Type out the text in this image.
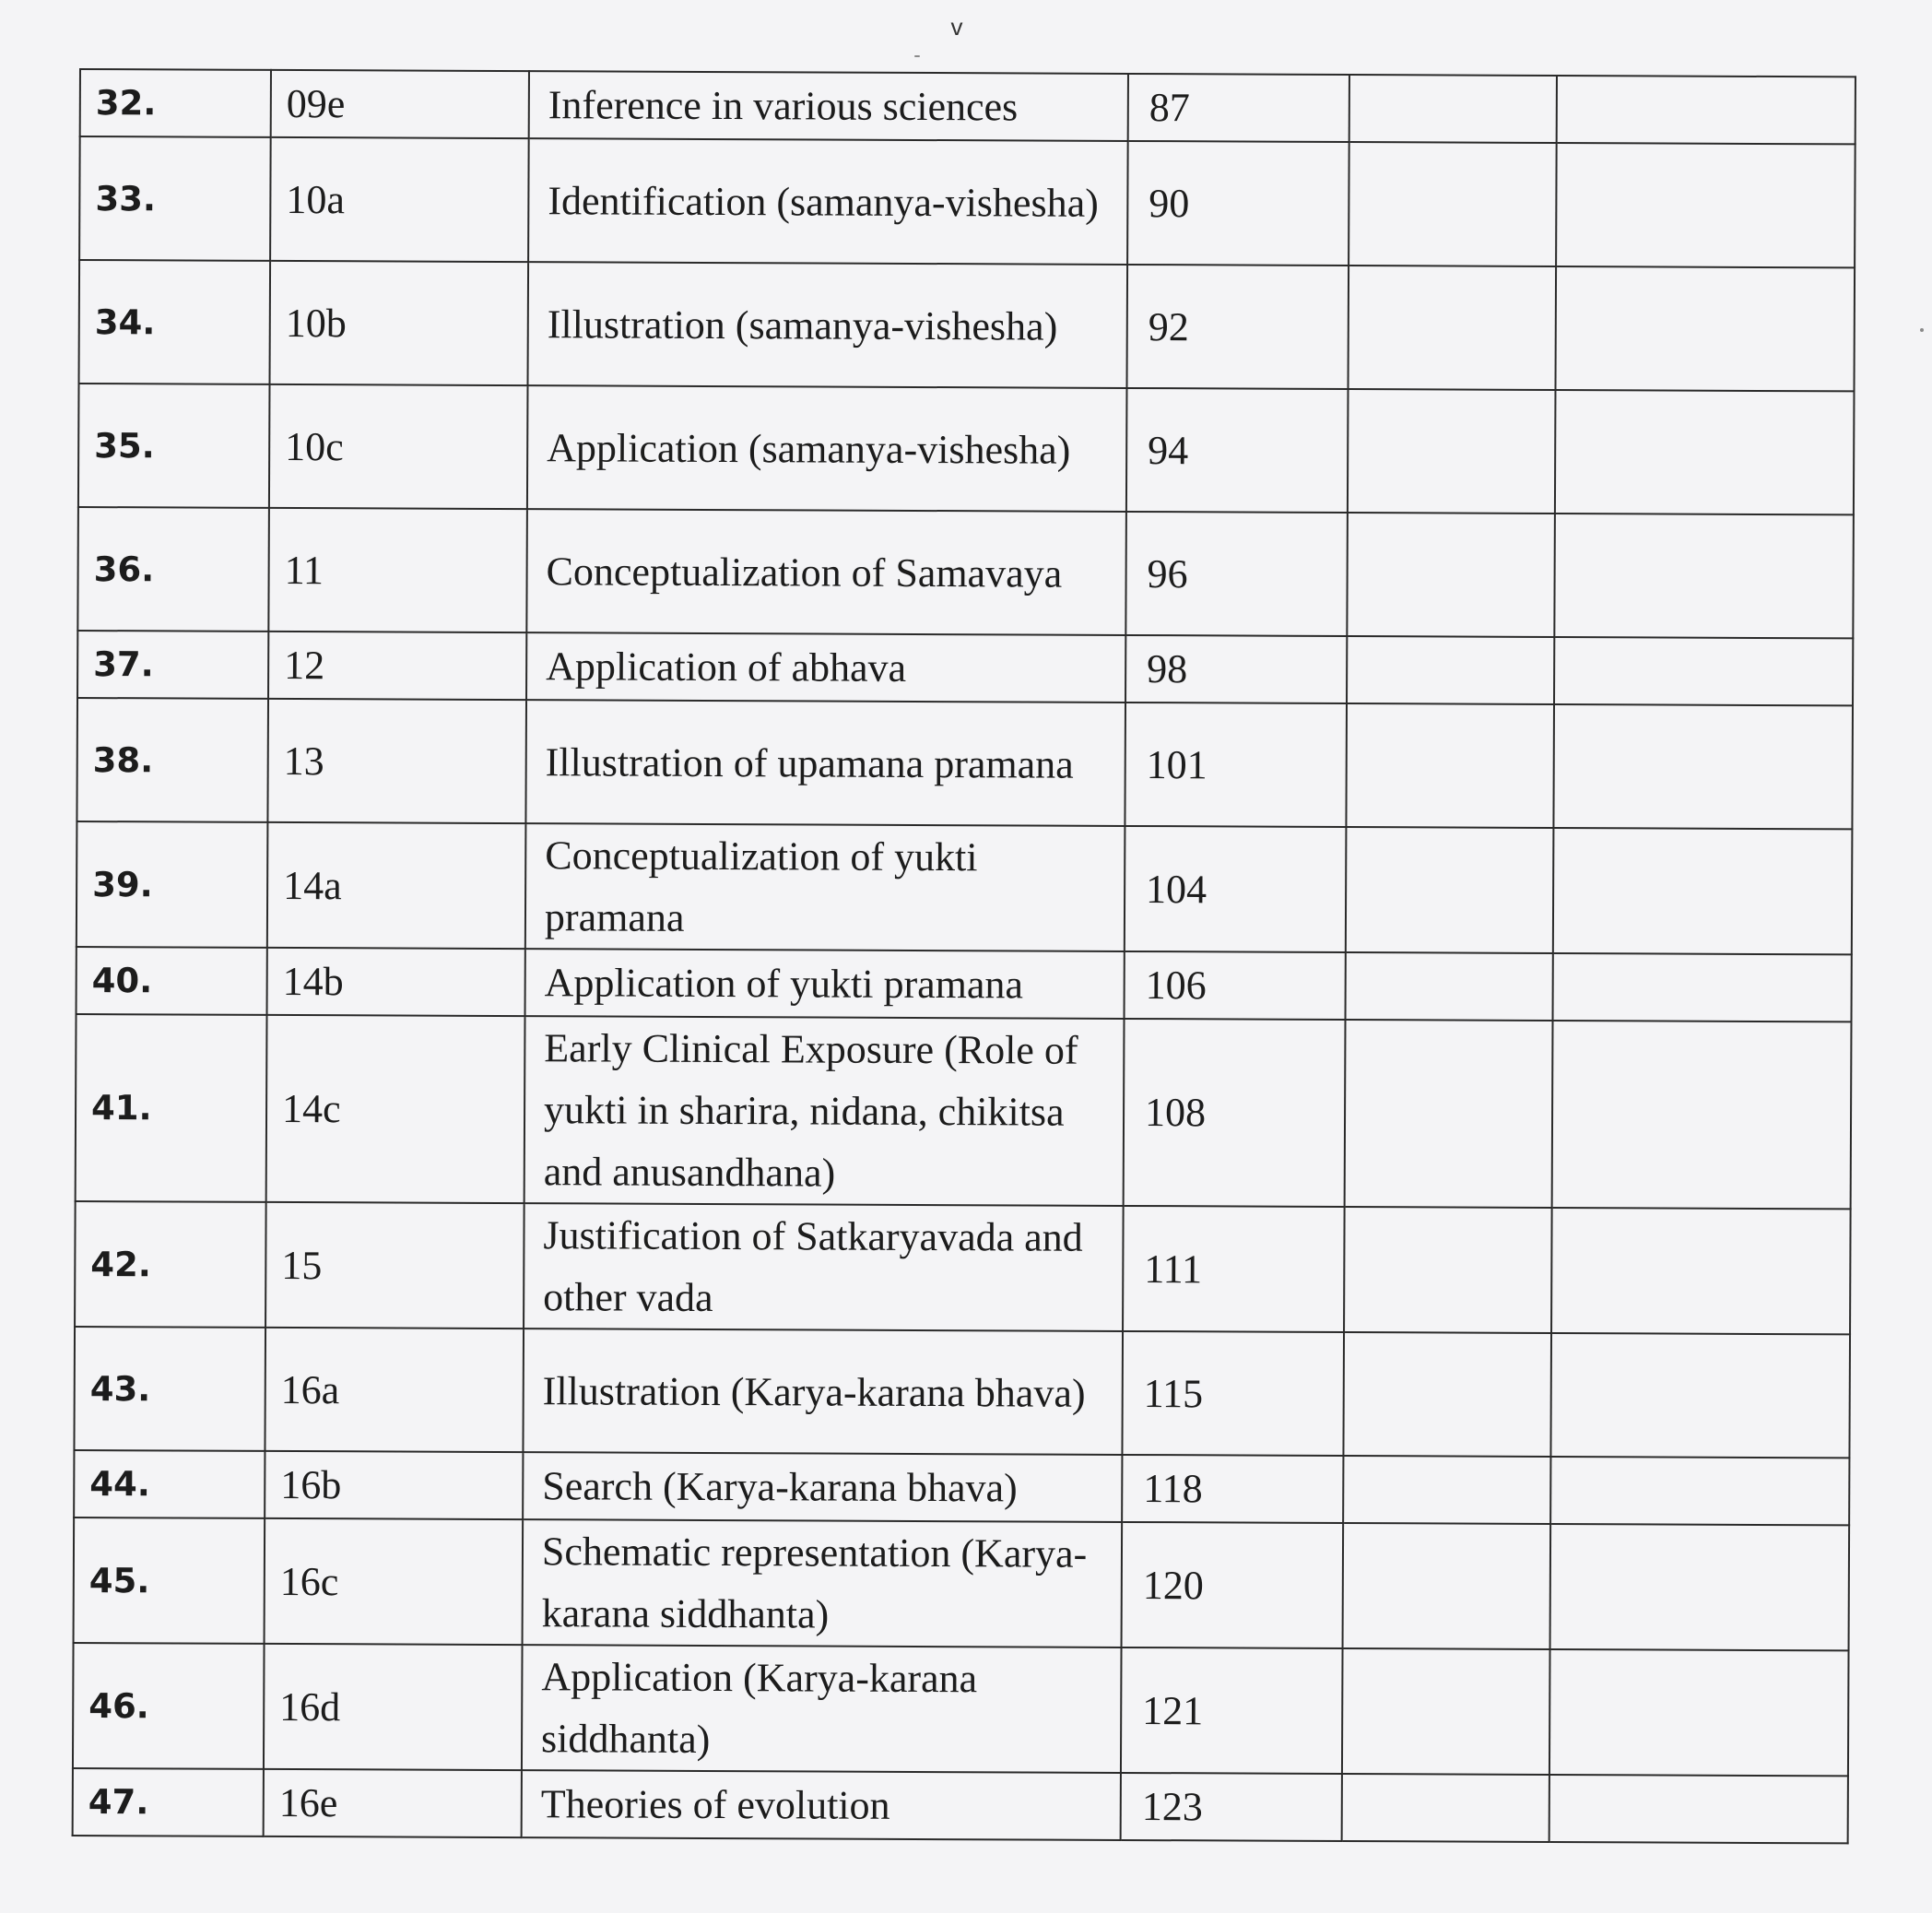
v
32.	09e	Inference in various sciences	87		
33.	10a	Identification (samanya-vishesha)	90		
34.	10b	Illustration (samanya-vishesha)	92		
35.	10c	Application (samanya-vishesha)	94		
36.	11	Conceptualization of Samavaya	96		
37.	12	Application of abhava	98		
38.	13	Illustration of upamana pramana	101		
39.	14a	Conceptualization of yukti pramana	104		
40.	14b	Application of yukti pramana	106		
41.	14c	Early Clinical Exposure (Role of yukti in sharira, nidana, chikitsa and anusandhana)	108		
42.	15	Justification of Satkaryavada and other vada	111		
43.	16a	Illustration (Karya-karana bhava)	115		
44.	16b	Search (Karya-karana bhava)	118		
45.	16c	Schematic representation (Karya-karana siddhanta)	120		
46.	16d	Application (Karya-karana siddhanta)	121		
47.	16e	Theories of evolution	123		
